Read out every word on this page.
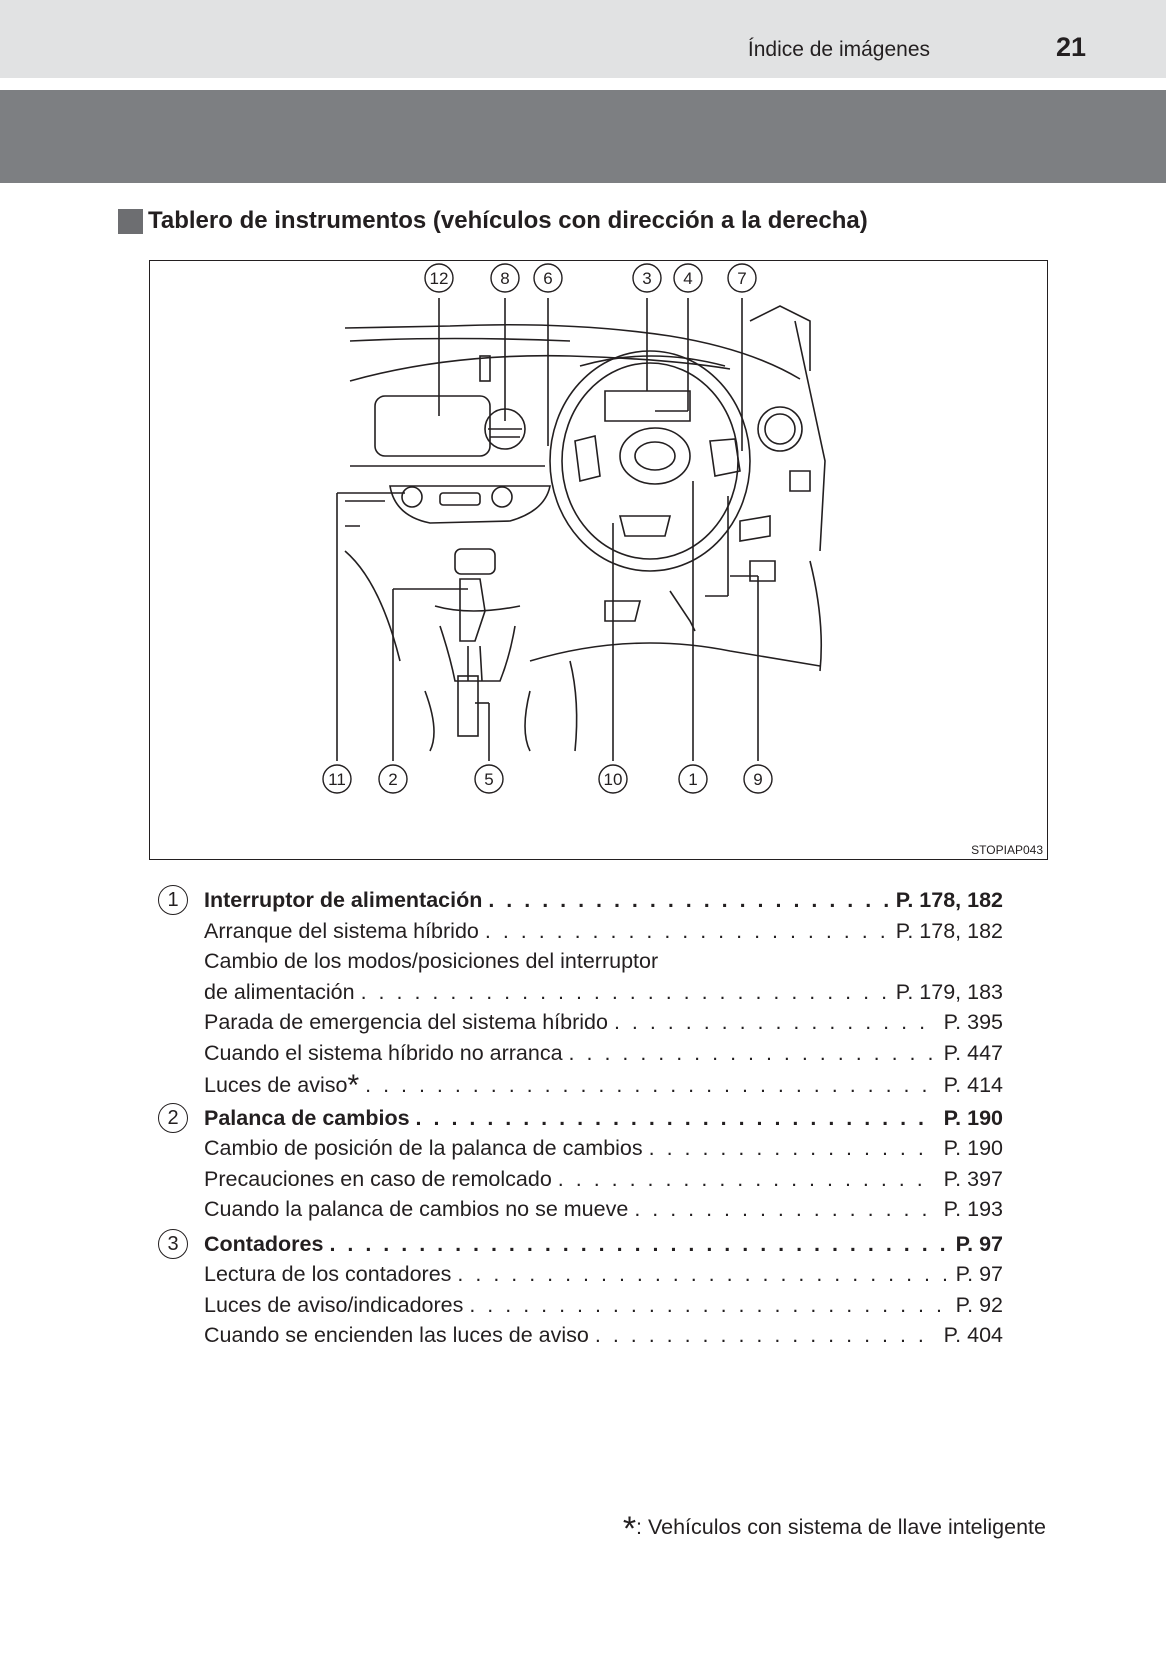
Índice de imágenes	21
Tablero de instrumentos (vehículos con dirección a la derecha)
12	8 6	3 4	7
11 2	5	10	1	9
STOPIAP043
1	Interruptor de alimentación . . .	P. 178, 182
Arranque del sistema híbrido . . .	P. 178, 182
Cambio de los modos/posiciones del interruptor
de alimentación . . .	P. 179, 183
Parada de emergencia del sistema híbrido . . .	P. 395
Cuando el sistema híbrido no arranca . . .	P. 447
Luces de aviso* . . .	P. 414
2	Palanca de cambios . . .	P. 190
Cambio de posición de la palanca de cambios . . .	P. 190
Precauciones en caso de remolcado . . .	P. 397
Cuando la palanca de cambios no se mueve . . .	P. 193
3	Contadores . . .	P. 97
Lectura de los contadores . . .	P. 97
Luces de aviso/indicadores . . .	P. 92
Cuando se encienden las luces de aviso . . .	P. 404
*: Vehículos con sistema de llave inteligente
